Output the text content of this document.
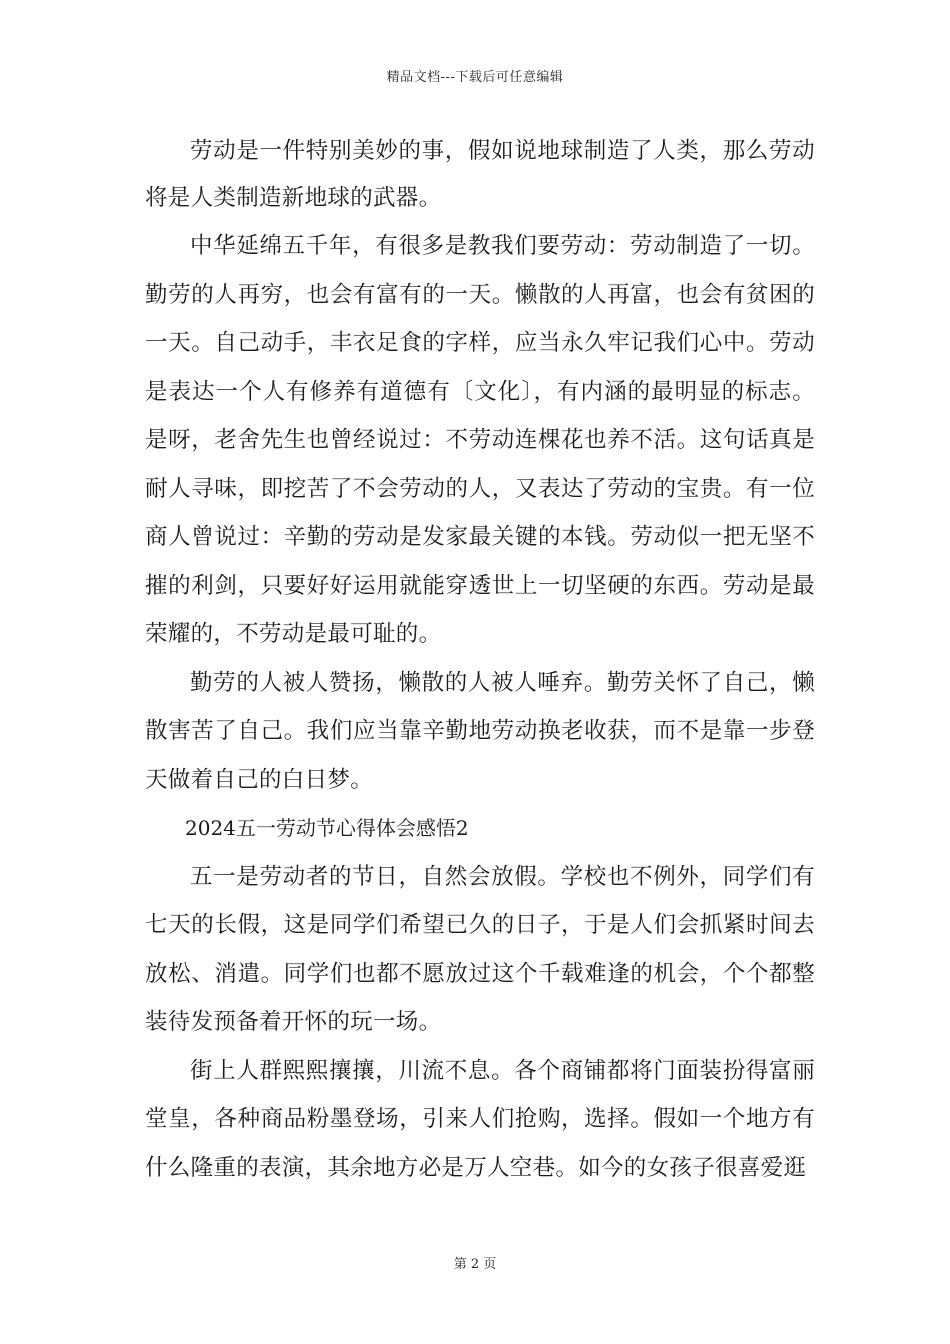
精品文档---下载后可任意编辑

劳动是一件特别美妙的事，假如说地球制造了人类，那么劳动将是人类制造新地球的武器。

中华延绵五千年，有很多是教我们要劳动：劳动制造了一切。勤劳的人再穷，也会有富有的一天。懒散的人再富，也会有贫困的一天。自己动手，丰衣足食的字样，应当永久牢记我们心中。劳动是表达一个人有修养有道德有〔文化〕，有内涵的最明显的标志。是呀，老舍先生也曾经说过：不劳动连棵花也养不活。这句话真是耐人寻味，即挖苦了不会劳动的人，又表达了劳动的宝贵。有一位商人曾说过：辛勤的劳动是发家最关键的本钱。劳动似一把无坚不摧的利剑，只要好好运用就能穿透世上一切坚硬的东西。劳动是最荣耀的，不劳动是最可耻的。

勤劳的人被人赞扬，懒散的人被人唾弃。勤劳关怀了自己，懒散害苦了自己。我们应当靠辛勤地劳动换老收获，而不是靠一步登天做着自己的白日梦。

2024五一劳动节心得体会感悟2

五一是劳动者的节日，自然会放假。学校也不例外，同学们有七天的长假，这是同学们希望已久的日子，于是人们会抓紧时间去放松、消遣。同学们也都不愿放过这个千载难逢的机会，个个都整装待发预备着开怀的玩一场。

街上人群熙熙攘攘，川流不息。各个商铺都将门面装扮得富丽堂皇，各种商品粉墨登场，引来人们抢购，选择。假如一个地方有什么隆重的表演，其余地方必是万人空巷。如今的女孩子很喜爱逛

第 2 页
